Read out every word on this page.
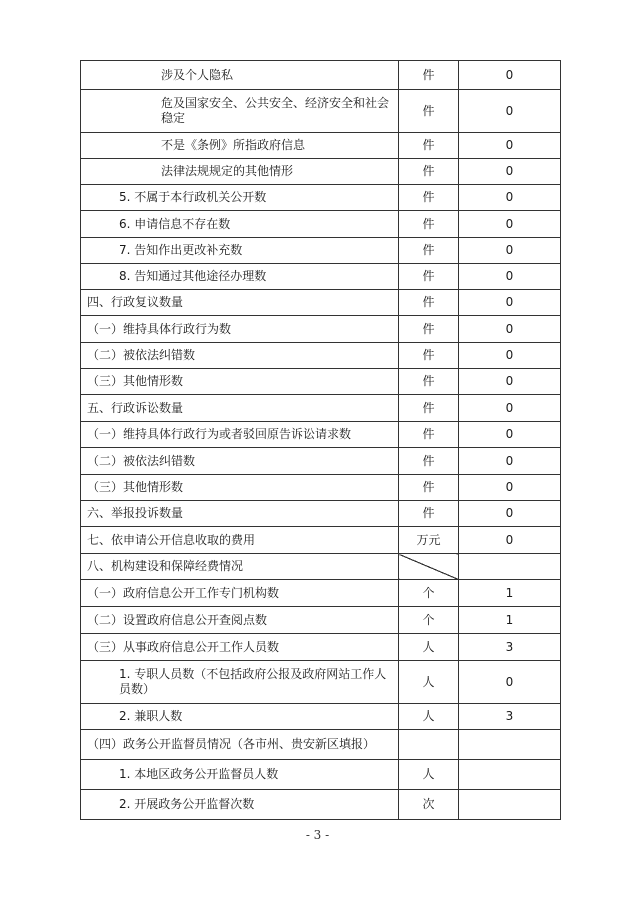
涉及个人隐私	件	0
危及国家安全、公共安全、经济安全和社会稳定	件	0
不是《条例》所指政府信息	件	0
法律法规规定的其他情形	件	0
5. 不属于本行政机关公开数	件	0
6. 申请信息不存在数	件	0
7. 告知作出更改补充数	件	0
8. 告知通过其他途径办理数	件	0
四、行政复议数量	件	0
（一）维持具体行政行为数	件	0
（二）被依法纠错数	件	0
（三）其他情形数	件	0
五、行政诉讼数量	件	0
（一）维持具体行政行为或者驳回原告诉讼请求数	件	0
（二）被依法纠错数	件	0
（三）其他情形数	件	0
六、举报投诉数量	件	0
七、依申请公开信息收取的费用	万元	0
八、机构建设和保障经费情况		
（一）政府信息公开工作专门机构数	个	1
（二）设置政府信息公开查阅点数	个	1
（三）从事政府信息公开工作人员数	人	3
1. 专职人员数（不包括政府公报及政府网站工作人员数）	人	0
2. 兼职人数	人	3
（四）政务公开监督员情况（各市州、贵安新区填报）		
1. 本地区政务公开监督员人数	人	
2. 开展政务公开监督次数	次	
- 3 -
